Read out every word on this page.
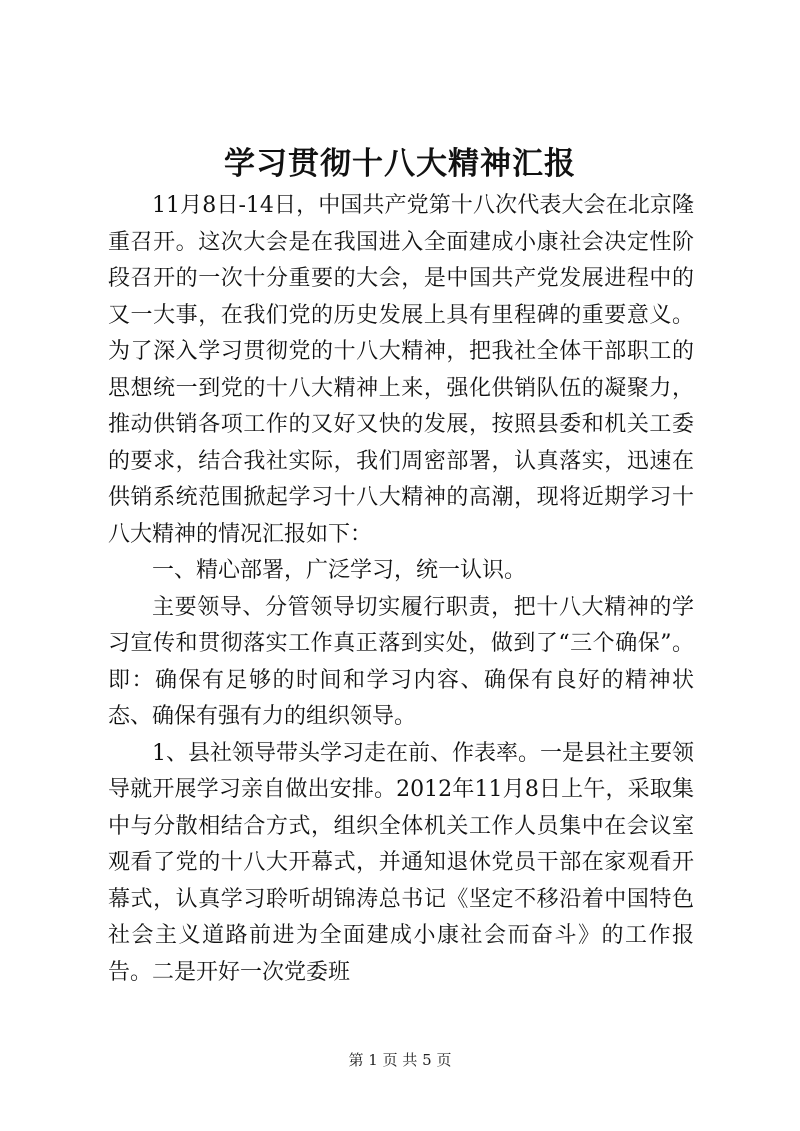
学习贯彻十八大精神汇报

11月8日-14日，中国共产党第十八次代表大会在北京隆重召开。这次大会是在我国进入全面建成小康社会决定性阶段召开的一次十分重要的大会，是中国共产党发展进程中的又一大事，在我们党的历史发展上具有里程碑的重要意义。为了深入学习贯彻党的十八大精神，把我社全体干部职工的思想统一到党的十八大精神上来，强化供销队伍的凝聚力，推动供销各项工作的又好又快的发展，按照县委和机关工委的要求，结合我社实际，我们周密部署，认真落实，迅速在供销系统范围掀起学习十八大精神的高潮，现将近期学习十八大精神的情况汇报如下：

一、精心部署，广泛学习，统一认识。

主要领导、分管领导切实履行职责，把十八大精神的学习宣传和贯彻落实工作真正落到实处，做到了“三个确保”。即：确保有足够的时间和学习内容、确保有良好的精神状态、确保有强有力的组织领导。

1、县社领导带头学习走在前、作表率。一是县社主要领导就开展学习亲自做出安排。2012年11月8日上午，采取集中与分散相结合方式，组织全体机关工作人员集中在会议室观看了党的十八大开幕式，并通知退休党员干部在家观看开幕式，认真学习聆听胡锦涛总书记《坚定不移沿着中国特色社会主义道路前进为全面建成小康社会而奋斗》的工作报告。二是开好一次党委班

第 1 页 共 5 页
